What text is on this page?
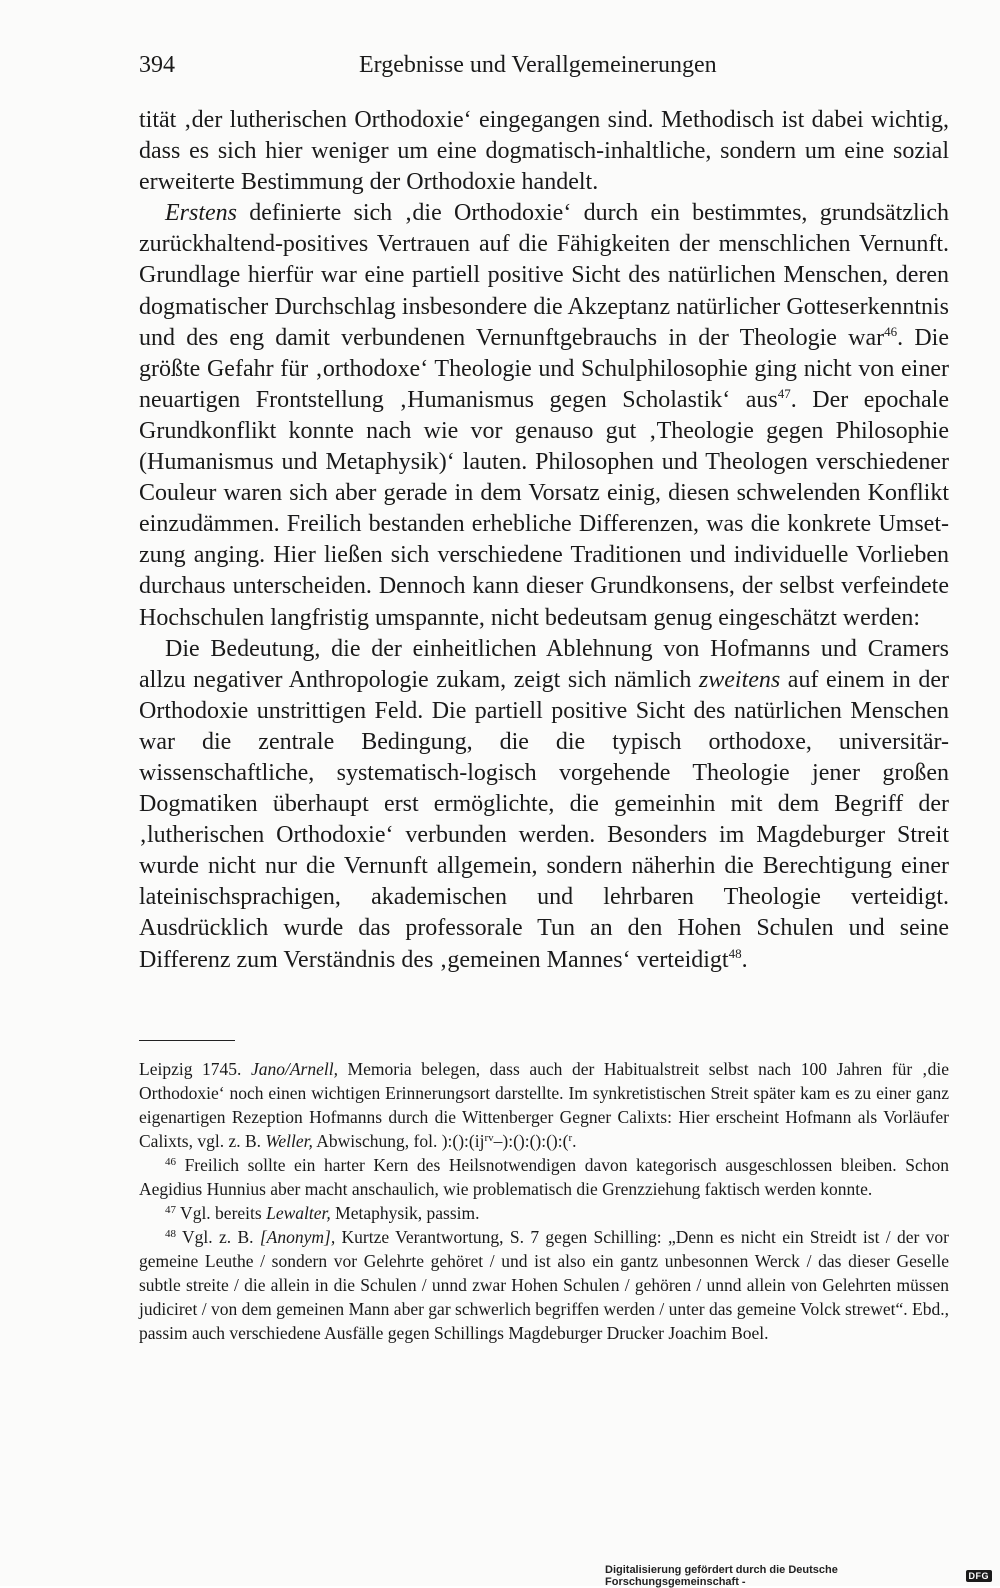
394	Ergebnisse und Verallgemeinerungen

tität ‚der lutherischen Orthodoxie‘ eingegangen sind. Methodisch ist dabei wichtig, dass es sich hier weniger um eine dogmatisch-inhaltliche, sondern um eine sozial erweiterte Bestimmung der Orthodoxie handelt.

Erstens definierte sich ‚die Orthodoxie‘ durch ein bestimmtes, grundsätzlich zurückhaltend-positives Vertrauen auf die Fähigkeiten der menschlichen Vernunft. Grundlage hierfür war eine partiell positive Sicht des natürlichen Menschen, deren dogmatischer Durchschlag insbesondere die Akzeptanz natürlicher Gotteserkenntnis und des eng damit verbundenen Vernunftgebrauchs in der Theologie war$^{46}$. Die größte Gefahr für ‚orthodoxe‘ Theologie und Schulphilosophie ging nicht von einer neuartigen Frontstellung ‚Humanismus gegen Scholastik‘ aus$^{47}$. Der epochale Grundkonflikt konnte nach wie vor genauso gut ‚Theologie gegen Philosophie (Humanismus und Metaphysik)‘ lauten. Philosophen und Theologen verschiedener Couleur waren sich aber gerade in dem Vorsatz einig, diesen schwelenden Konflikt einzudämmen. Freilich bestanden erhebliche Differenzen, was die konkrete Umsetzung anging. Hier ließen sich verschiedene Traditionen und individuelle Vorlieben durchaus unterscheiden. Dennoch kann dieser Grundkonsens, der selbst verfeindete Hochschulen langfristig umspannte, nicht bedeutsam genug eingeschätzt werden:

Die Bedeutung, die der einheitlichen Ablehnung von Hofmanns und Cramers allzu negativer Anthropologie zukam, zeigt sich nämlich zweitens auf einem in der Orthodoxie unstrittigen Feld. Die partiell positive Sicht des natürlichen Menschen war die zentrale Bedingung, die die typisch orthodoxe, universitär-wissenschaftliche, systematisch-logisch vorgehende Theologie jener großen Dogmatiken überhaupt erst ermöglichte, die gemeinhin mit dem Begriff der ‚lutherischen Orthodoxie‘ verbunden werden. Besonders im Magdeburger Streit wurde nicht nur die Vernunft allgemein, sondern näherhin die Berechtigung einer lateinischsprachigen, akademischen und lehrbaren Theologie verteidigt. Ausdrücklich wurde das professorale Tun an den Hohen Schulen und seine Differenz zum Verständnis des ‚gemeinen Mannes‘ verteidigt$^{48}$.

Leipzig 1745. Jano/Arnell, Memoria belegen, dass auch der Habitualstreit selbst nach 100 Jahren für ‚die Orthodoxie‘ noch einen wichtigen Erinnerungsort darstellte. Im synkretistischen Streit später kam es zu einer ganz eigenartigen Rezeption Hofmanns durch die Wittenberger Gegner Calixts: Hier erscheint Hofmann als Vorläufer Calixts, vgl. z. B. Weller, Abwischung, fol. )$:():(ij^{rv}-):():():():(^r$.

$^{46}$ Freilich sollte ein harter Kern des Heilsnotwendigen davon kategorisch ausgeschlossen bleiben. Schon Aegidius Hunnius aber macht anschaulich, wie problematisch die Grenzziehung faktisch werden konnte.

$^{47}$ Vgl. bereits Lewalter, Metaphysik, passim.

$^{48}$ Vgl. z. B. [Anonym], Kurtze Verantwortung, S. 7 gegen Schilling: „Denn es nicht ein Streidt ist / der vor gemeine Leuthe / sondern vor Gelehrte gehöret / und ist also ein gantz unbesonnen Werck / das dieser Geselle subtle streite / die allein in die Schulen / unnd zwar Hohen Schulen / gehören / unnd allein von Gelehrten müssen judiciret / von dem gemeinen Mann aber gar schwerlich begriffen werden / unter das gemeine Volck strewet“. Ebd., passim auch verschiedene Ausfälle gegen Schillings Magdeburger Drucker Joachim Boel.

Digitalisierung gefördert durch die Deutsche Forschungsgemeinschaft -	DFG
